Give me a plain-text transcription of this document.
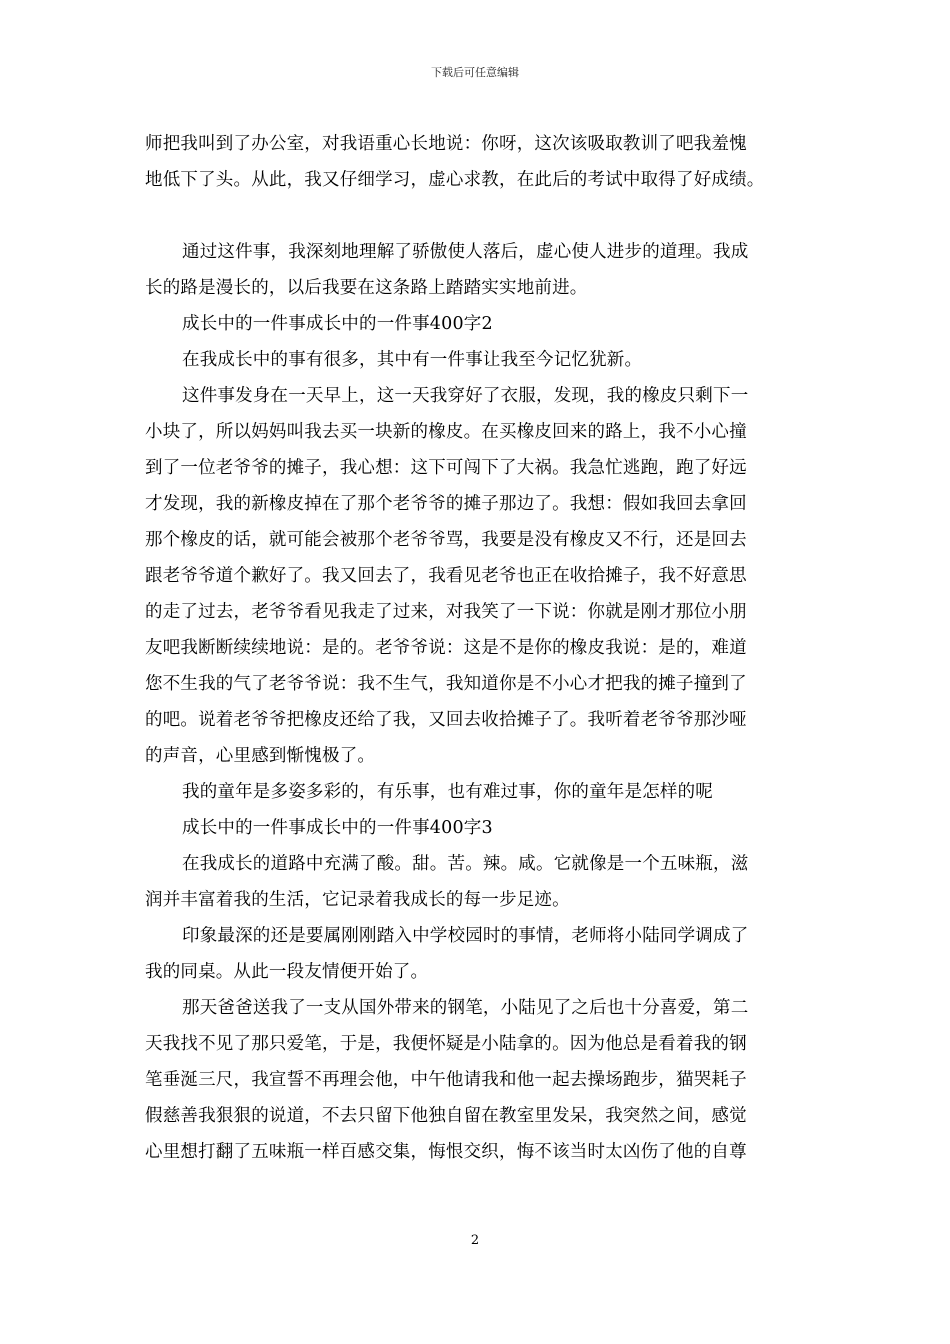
下载后可任意编辑
师把我叫到了办公室，对我语重心长地说：你呀，这次该吸取教训了吧我羞愧
地低下了头。从此，我又仔细学习，虚心求教，在此后的考试中取得了好成绩。
通过这件事，我深刻地理解了骄傲使人落后，虚心使人进步的道理。我成
长的路是漫长的，以后我要在这条路上踏踏实实地前进。
成长中的一件事成长中的一件事400字2
在我成长中的事有很多，其中有一件事让我至今记忆犹新。
这件事发身在一天早上，这一天我穿好了衣服，发现，我的橡皮只剩下一
小块了，所以妈妈叫我去买一块新的橡皮。在买橡皮回来的路上，我不小心撞
到了一位老爷爷的摊子，我心想：这下可闯下了大祸。我急忙逃跑，跑了好远
才发现，我的新橡皮掉在了那个老爷爷的摊子那边了。我想：假如我回去拿回
那个橡皮的话，就可能会被那个老爷爷骂，我要是没有橡皮又不行，还是回去
跟老爷爷道个歉好了。我又回去了，我看见老爷也正在收拾摊子，我不好意思
的走了过去，老爷爷看见我走了过来，对我笑了一下说：你就是刚才那位小朋
友吧我断断续续地说：是的。老爷爷说：这是不是你的橡皮我说：是的，难道
您不生我的气了老爷爷说：我不生气，我知道你是不小心才把我的摊子撞到了
的吧。说着老爷爷把橡皮还给了我，又回去收拾摊子了。我听着老爷爷那沙哑
的声音，心里感到惭愧极了。
我的童年是多姿多彩的，有乐事，也有难过事，你的童年是怎样的呢
成长中的一件事成长中的一件事400字3
在我成长的道路中充满了酸。甜。苦。辣。咸。它就像是一个五味瓶，滋
润并丰富着我的生活，它记录着我成长的每一步足迹。
印象最深的还是要属刚刚踏入中学校园时的事情，老师将小陆同学调成了
我的同桌。从此一段友情便开始了。
那天爸爸送我了一支从国外带来的钢笔，小陆见了之后也十分喜爱，第二
天我找不见了那只爱笔，于是，我便怀疑是小陆拿的。因为他总是看着我的钢
笔垂涎三尺，我宣誓不再理会他，中午他请我和他一起去操场跑步，猫哭耗子
假慈善我狠狠的说道，不去只留下他独自留在教室里发呆，我突然之间，感觉
心里想打翻了五味瓶一样百感交集，悔恨交织，悔不该当时太凶伤了他的自尊
2
